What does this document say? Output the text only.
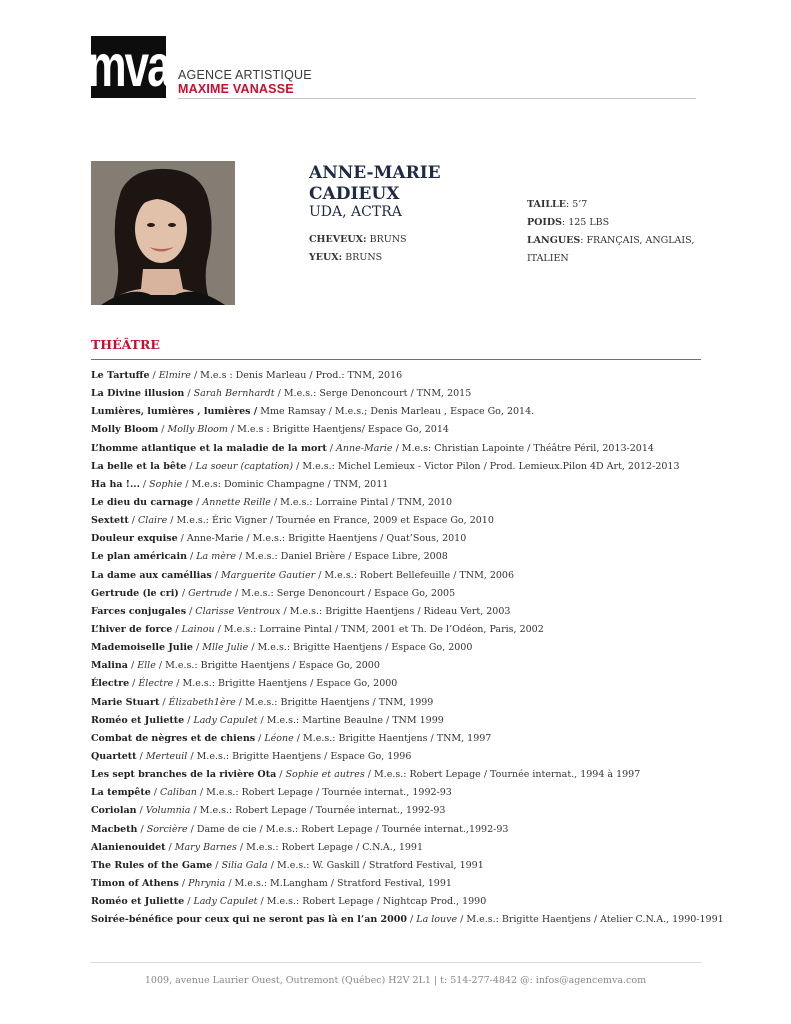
mva AGENCE ARTISTIQUE
MAXIME VANASSE
ANNE-MARIE
CADIEUX
UDA, ACTRA
CHEVEUX: BRUNS
YEUX: BRUNS
TAILLE: 5’7
POIDS: 125 LBS
LANGUES: FRANÇAIS, ANGLAIS,
ITALIEN
THÉÂTRE
Le Tartuffe / Elmire / M.e.s : Denis Marleau / Prod.: TNM, 2016
La Divine illusion / Sarah Bernhardt / M.e.s.: Serge Denoncourt / TNM, 2015
Lumières, lumières , lumières / Mme Ramsay / M.e.s.; Denis Marleau , Espace Go, 2014.
Molly Bloom / Molly Bloom / M.e.s : Brigitte Haentjens/ Espace Go, 2014
L’homme atlantique et la maladie de la mort / Anne-Marie / M.e.s: Christian Lapointe / Théâtre Péril, 2013-2014
La belle et la bête / La soeur (captation) / M.e.s.: Michel Lemieux - Victor Pilon / Prod. Lemieux.Pilon 4D Art, 2012-2013
Ha ha !... / Sophie / M.e.s: Dominic Champagne / TNM, 2011
Le dieu du carnage / Annette Reille / M.e.s.: Lorraine Pintal / TNM, 2010
Sextett / Claire / M.e.s.: Éric Vigner / Tournée en France, 2009 et Espace Go, 2010
Douleur exquise / Anne-Marie / M.e.s.: Brigitte Haentjens / Quat’Sous, 2010
Le plan américain / La mère / M.e.s.: Daniel Brière / Espace Libre, 2008
La dame aux caméllias / Marguerite Gautier / M.e.s.: Robert Bellefeuille / TNM, 2006
Gertrude (le cri) / Gertrude / M.e.s.: Serge Denoncourt / Espace Go, 2005
Farces conjugales / Clarisse Ventroux / M.e.s.: Brigitte Haentjens / Rideau Vert, 2003
L’hiver de force / Lainou / M.e.s.: Lorraine Pintal / TNM, 2001 et Th. De l’Odéon, Paris, 2002
Mademoiselle Julie / Mlle Julie / M.e.s.: Brigitte Haentjens / Espace Go, 2000
Malina / Elle / M.e.s.: Brigitte Haentjens / Espace Go, 2000
Électre / Électre / M.e.s.: Brigitte Haentjens / Espace Go, 2000
Marie Stuart / Élizabeth1ère / M.e.s.: Brigitte Haentjens / TNM, 1999
Roméo et Juliette / Lady Capulet / M.e.s.: Martine Beaulne / TNM 1999
Combat de nègres et de chiens / Léone / M.e.s.: Brigitte Haentjens / TNM, 1997
Quartett / Merteuil / M.e.s.: Brigitte Haentjens / Espace Go, 1996
Les sept branches de la rivière Ota / Sophie et autres / M.e.s.: Robert Lepage / Tournée internat., 1994 à 1997
La tempête / Caliban / M.e.s.: Robert Lepage / Tournée internat., 1992-93
Coriolan / Volumnia / M.e.s.: Robert Lepage / Tournée internat., 1992-93
Macbeth / Sorcière / Dame de cie / M.e.s.: Robert Lepage / Tournée internat.,1992-93
Alanienouidet / Mary Barnes / M.e.s.: Robert Lepage / C.N.A., 1991
The Rules of the Game / Silia Gala / M.e.s.: W. Gaskill / Stratford Festival, 1991
Timon of Athens / Phrynia / M.e.s.: M.Langham / Stratford Festival, 1991
Roméo et Juliette / Lady Capulet / M.e.s.: Robert Lepage / Nightcap Prod., 1990
Soirée-bénéfice pour ceux qui ne seront pas là en l’an 2000 / La louve / M.e.s.: Brigitte Haentjens / Atelier C.N.A., 1990-1991
1009, avenue Laurier Ouest, Outremont (Québec) H2V 2L1 | t: 514-277-4842 @: infos@agencemva.com
